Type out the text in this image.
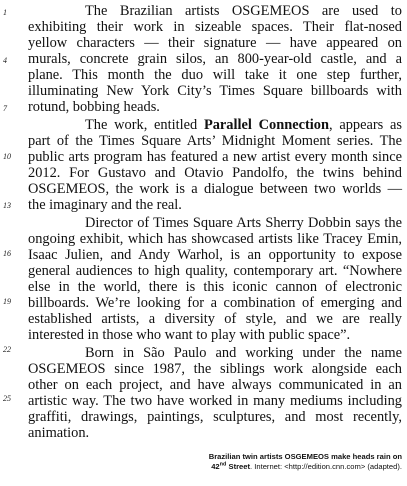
1
4
7
10
13
16
19
22
25
The Brazilian artists OSGEMEOS are used to
exhibiting their work in sizeable spaces. Their flat-nosed
yellow characters — their signature — have appeared on
murals, concrete grain silos, an 800-year-old castle, and a
plane. This month the duo will take it one step further,
illuminating New York City’s Times Square billboards with
rotund, bobbing heads.
The work, entitled Parallel Connection, appears as
part of the Times Square Arts’ Midnight Moment series. The
public arts program has featured a new artist every month since
2012. For Gustavo and Otavio Pandolfo, the twins behind
OSGEMEOS, the work is a dialogue between two worlds —
the imaginary and the real.
Director of Times Square Arts Sherry Dobbin says the
ongoing exhibit, which has showcased artists like Tracey Emin,
Isaac Julien, and Andy Warhol, is an opportunity to expose
general audiences to high quality, contemporary art. “Nowhere
else in the world, there is this iconic cannon of electronic
billboards. We’re looking for a combination of emerging and
established artists, a diversity of style, and we are really
interested in those who want to play with public space”.
Born in São Paulo and working under the name
OSGEMEOS since 1987, the siblings work alongside each
other on each project, and have always communicated in an
artistic way. The two have worked in many mediums including
graffiti, drawings, paintings, sculptures, and most recently,
animation.
Brazilian twin artists OSGEMEOS make heads rain on
42nd Street. Internet: <http://edition.cnn.com> (adapted).
